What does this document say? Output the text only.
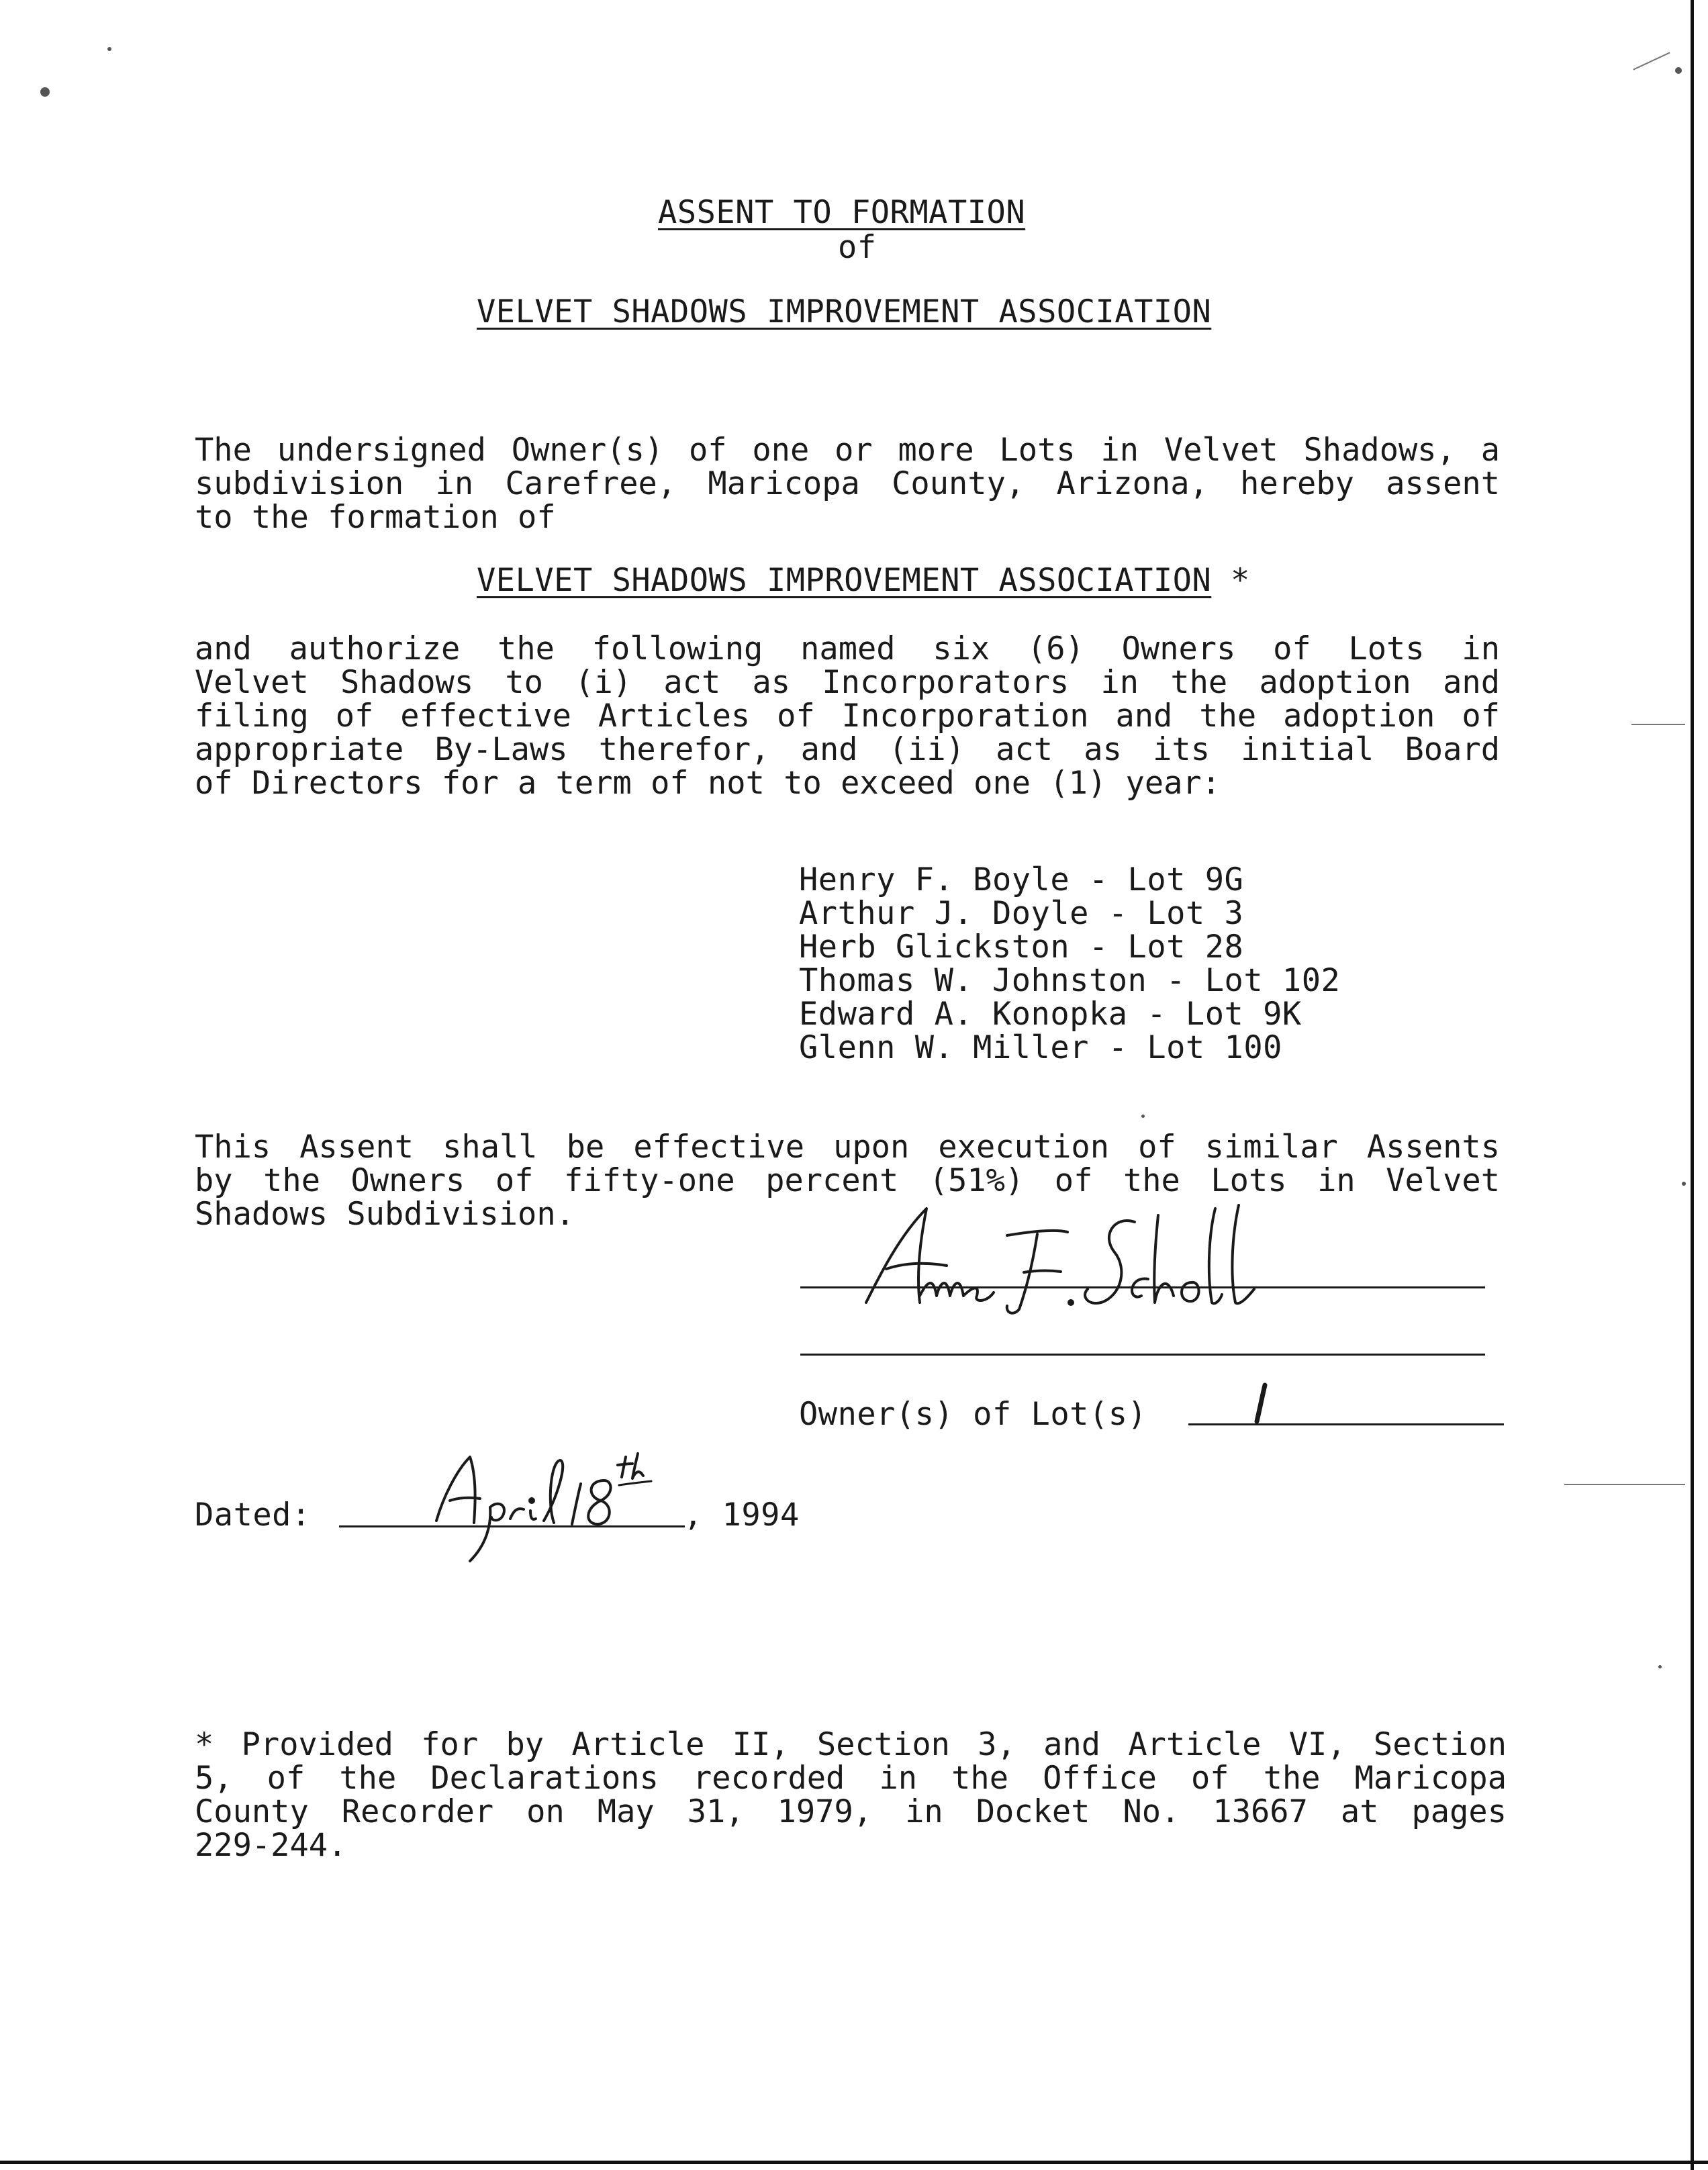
ASSENT TO FORMATION
of
VELVET SHADOWS IMPROVEMENT ASSOCIATION
The undersigned Owner(s) of one or more Lots in Velvet Shadows, a
subdivision in Carefree, Maricopa County, Arizona, hereby assent
to the formation of
VELVET SHADOWS IMPROVEMENT ASSOCIATION *
and authorize the following named six (6) Owners of Lots in
Velvet Shadows to (i) act as Incorporators in the adoption and
filing of effective Articles of Incorporation and the adoption of
appropriate By-Laws therefor, and (ii) act as its initial Board
of Directors for a term of not to exceed one (1) year:
Henry F. Boyle - Lot 9G
Arthur J. Doyle - Lot 3
Herb Glickston - Lot 28
Thomas W. Johnston - Lot 102
Edward A. Konopka - Lot 9K
Glenn W. Miller - Lot 100
This Assent shall be effective upon execution of similar Assents
by the Owners of fifty-one percent (51%) of the Lots in Velvet
Shadows Subdivision.
Owner(s) of Lot(s)
Dated:	, 1994
* Provided for by Article II, Section 3, and Article VI, Section
5, of the Declarations recorded in the Office of the Maricopa
County Recorder on May 31, 1979, in Docket No. 13667 at pages
229-244.
